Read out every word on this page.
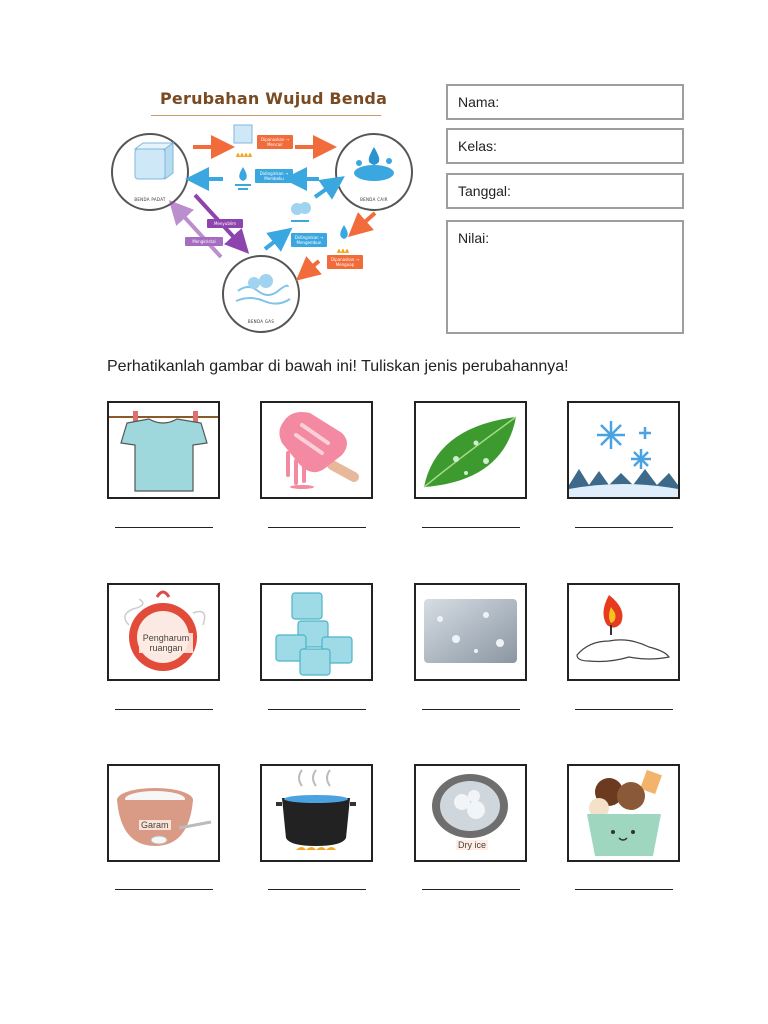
Perubahan Wujud Benda
BENDA PADAT	BENDA CAIR
BENDA GAS
Dipanaskan → Mencair
Didinginkan → Membeku
Didinginkan → Mengembun
Dipanaskan → Menguap
Menyublim
Mengkristal
Nama:
Kelas:
Tanggal:
Nilai:
Perhatikanlah gambar di bawah ini! Tuliskan jenis perubahannya!
Pengharum ruangan
Garam
Dry ice
